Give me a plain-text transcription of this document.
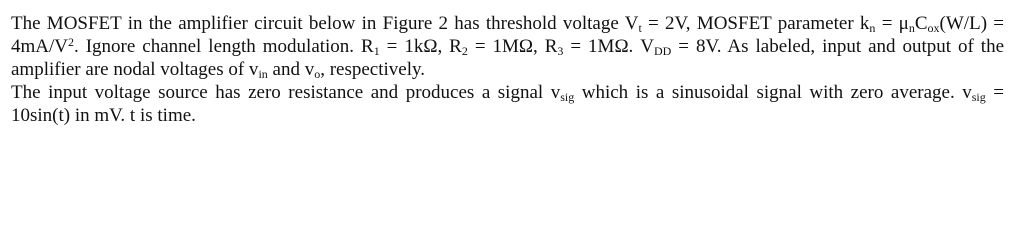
The MOSFET in the amplifier circuit below in Figure 2 has threshold voltage $V_t = 2V$, MOSFET parameter $k_n = \mu_nC_{ox}(W/L) = 4mA/V^2$. Ignore channel length modulation. $R_1 = 1k\Omega$, $R_2 = 1M\Omega$, $R_3 = 1M\Omega$. $V_{DD} = 8V$. As labeled, input and output of the amplifier are nodal voltages of $v_{in}$ and $v_o$, respectively.

The input voltage source has zero resistance and produces a signal $v_{sig}$ which is a sinusoidal signal with zero average. $v_{sig} = 10\sin(t)$ in mV. t is time.
